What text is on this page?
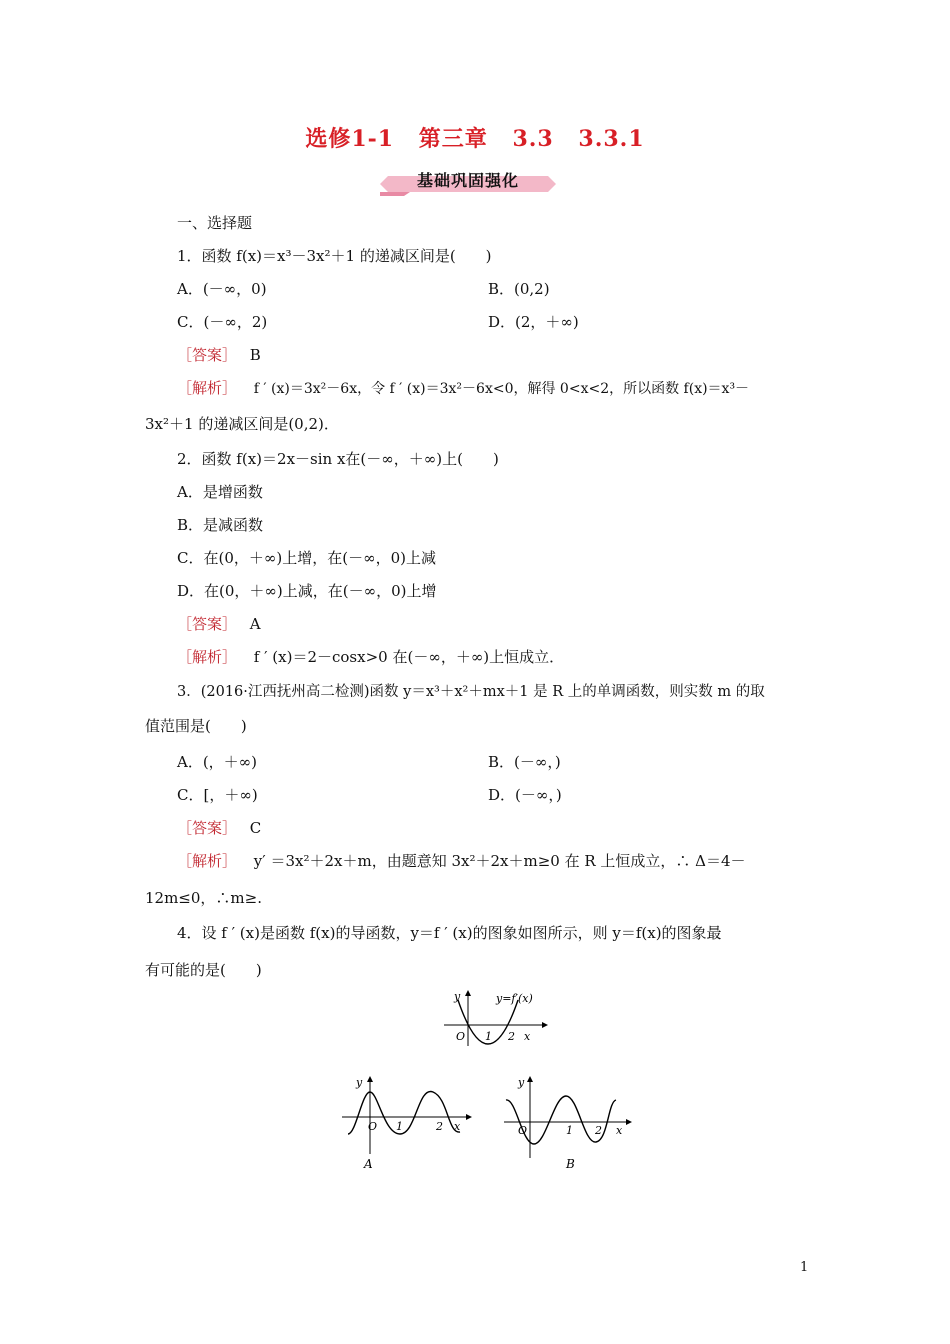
选修1-1 第三章 3.3 3.3.1
基础巩固强化
一、选择题
1．函数 f(x)＝x³－3x²＋1 的递减区间是(　　)
A．(－∞，0)	B．(0,2)
C．(－∞，2)	D．(2，＋∞)
［答案］ B
［解析］ f ′ (x)＝3x²－6x，令 f ′ (x)＝3x²－6x<0，解得 0<x<2，所以函数 f(x)＝x³－
3x²＋1 的递减区间是(0,2)．
2．函数 f(x)＝2x－sin x在(－∞，＋∞)上(　　)
A．是增函数
B．是减函数
C．在(0，＋∞)上增，在(－∞，0)上减
D．在(0，＋∞)上减，在(－∞，0)上增
［答案］ A
［解析］ f ′ (x)＝2－cosx>0 在(－∞，＋∞)上恒成立．
3．(2016·江西抚州高二检测)函数 y＝x³＋x²＋mx＋1 是 R 上的单调函数，则实数 m 的取
值范围是(　　)
A．(，＋∞)	B．(－∞，)
C．[，＋∞)	D．(－∞，)
［答案］ C
［解析］ y′ ＝3x²＋2x＋m，由题意知 3x²＋2x＋m≥0 在 R 上恒成立，∴ Δ＝4－
12m≤0，∴m≥.
4．设 f ′ (x)是函数 f(x)的导函数，y＝f ′ (x)的图象如图所示，则 y＝f(x)的图象最
有可能的是(　　)
y	y=f′(x)
O 1 2 x
y
O 1	2 x
A
y
O	1 2 x
B
1
